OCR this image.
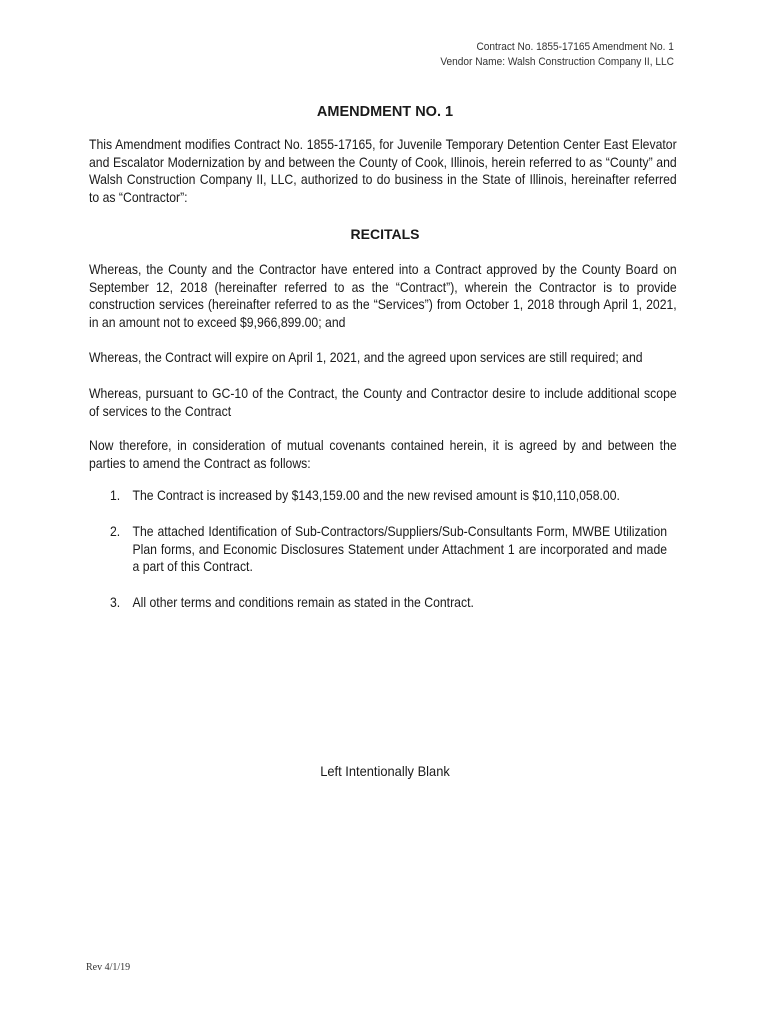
Contract No. 1855-17165 Amendment No. 1
Vendor Name: Walsh Construction Company II, LLC
AMENDMENT NO. 1
This Amendment modifies Contract No. 1855-17165, for Juvenile Temporary Detention Center East Elevator and Escalator Modernization by and between the County of Cook, Illinois, herein referred to as “County” and Walsh Construction Company II, LLC, authorized to do business in the State of Illinois, hereinafter referred to as “Contractor”:
RECITALS
Whereas, the County and the Contractor have entered into a Contract approved by the County Board on September 12, 2018 (hereinafter referred to as the “Contract”), wherein the Contractor is to provide construction services (hereinafter referred to as the “Services”) from October 1, 2018 through April 1, 2021, in an amount not to exceed $9,966,899.00; and
Whereas, the Contract will expire on April 1, 2021, and the agreed upon services are still required; and
Whereas, pursuant to GC-10 of the Contract, the County and Contractor desire to include additional scope of services to the Contract
Now therefore, in consideration of mutual covenants contained herein, it is agreed by and between the parties to amend the Contract as follows:
1. The Contract is increased by $143,159.00 and the new revised amount is $10,110,058.00.
2. The attached Identification of Sub-Contractors/Suppliers/Sub-Consultants Form, MWBE Utilization Plan forms, and Economic Disclosures Statement under Attachment 1 are incorporated and made a part of this Contract.
3. All other terms and conditions remain as stated in the Contract.
Left Intentionally Blank
Rev 4/1/19
